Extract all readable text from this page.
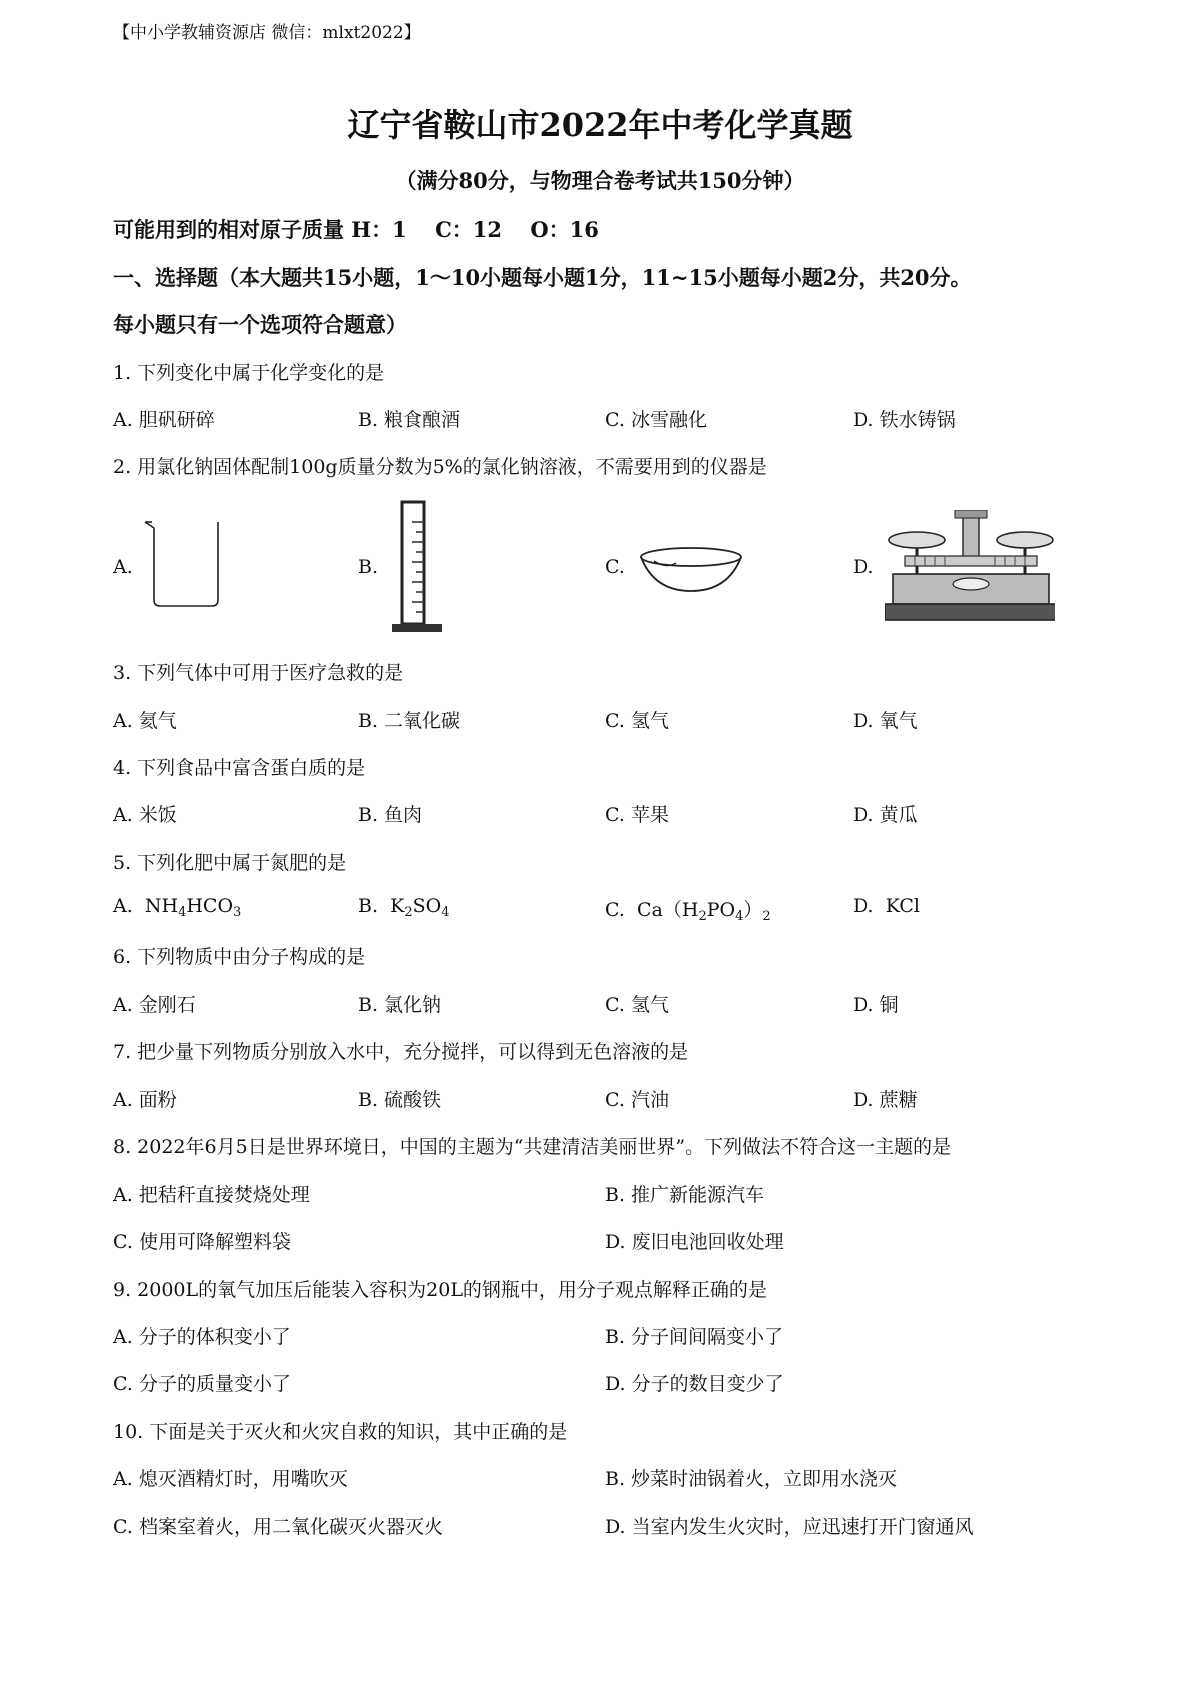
【中小学教辅资源店 微信：mlxt2022】
辽宁省鞍山市2022年中考化学真题
（满分80分，与物理合卷考试共150分钟）
可能用到的相对原子质量 H：1　 C：12　 O：16
一、选择题（本大题共15小题，1～10小题每小题1分，11~15小题每小题2分，共20分。
每小题只有一个选项符合题意）
1. 下列变化中属于化学变化的是
A. 胆矾研碎	B. 粮食酿酒	C. 冰雪融化	D. 铁水铸锅
2. 用氯化钠固体配制100g质量分数为5%的氯化钠溶液，不需要用到的仪器是
A.	B.	C.	D.
3. 下列气体中可用于医疗急救的是
A. 氦气	B. 二氧化碳	C. 氢气	D. 氧气
4. 下列食品中富含蛋白质的是
A. 米饭	B. 鱼肉	C. 苹果	D. 黄瓜
5. 下列化肥中属于氮肥的是
A. $NH_4HCO_3$	B. $K_2SO_4$	C. $Ca(H_2PO_4)_2$	D. KCl
6. 下列物质中由分子构成的是
A. 金刚石	B. 氯化钠	C. 氢气	D. 铜
7. 把少量下列物质分别放入水中，充分搅拌，可以得到无色溶液的是
A. 面粉	B. 硫酸铁	C. 汽油	D. 蔗糖
8. 2022年6月5日是世界环境日，中国的主题为“共建清洁美丽世界”。下列做法不符合这一主题的是
A. 把秸秆直接焚烧处理	B. 推广新能源汽车
C. 使用可降解塑料袋	D. 废旧电池回收处理
9. 2000L的氧气加压后能装入容积为20L的钢瓶中，用分子观点解释正确的是
A. 分子的体积变小了	B. 分子间间隔变小了
C. 分子的质量变小了	D. 分子的数目变少了
10. 下面是关于灭火和火灾自救的知识，其中正确的是
A. 熄灭酒精灯时，用嘴吹灭	B. 炒菜时油锅着火，立即用水浇灭
C. 档案室着火，用二氧化碳灭火器灭火	D. 当室内发生火灾时，应迅速打开门窗通风
